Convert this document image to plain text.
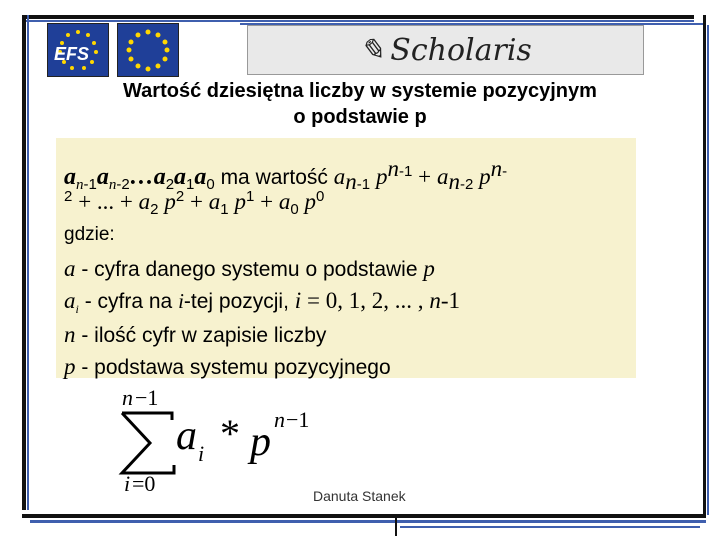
EFS	✎ Scholaris
Wartość dziesiętna liczby w systemie pozycyjnym
o podstawie p
$a_{n-1}a_{n-2}\dots a_2a_1a_0$ ma wartość $a_{n-1}$ $p^{n-1} + a_{n-2}$ $p^{n-}$
$^2$ + ... + $a_2$ $p^2 + a_1$ $p^1 + a_0$ $p^0$
gdzie:
a - cyfra danego systemu o podstawie p
$a_i$ - cyfra na i-tej pozycji, i = 0, 1, 2, ... , n-1
n - ilość cyfr w zapisie liczby
p - podstawa systemu pozycyjnego
n −1
a i * p n −1
i =0	Danuta Stanek
